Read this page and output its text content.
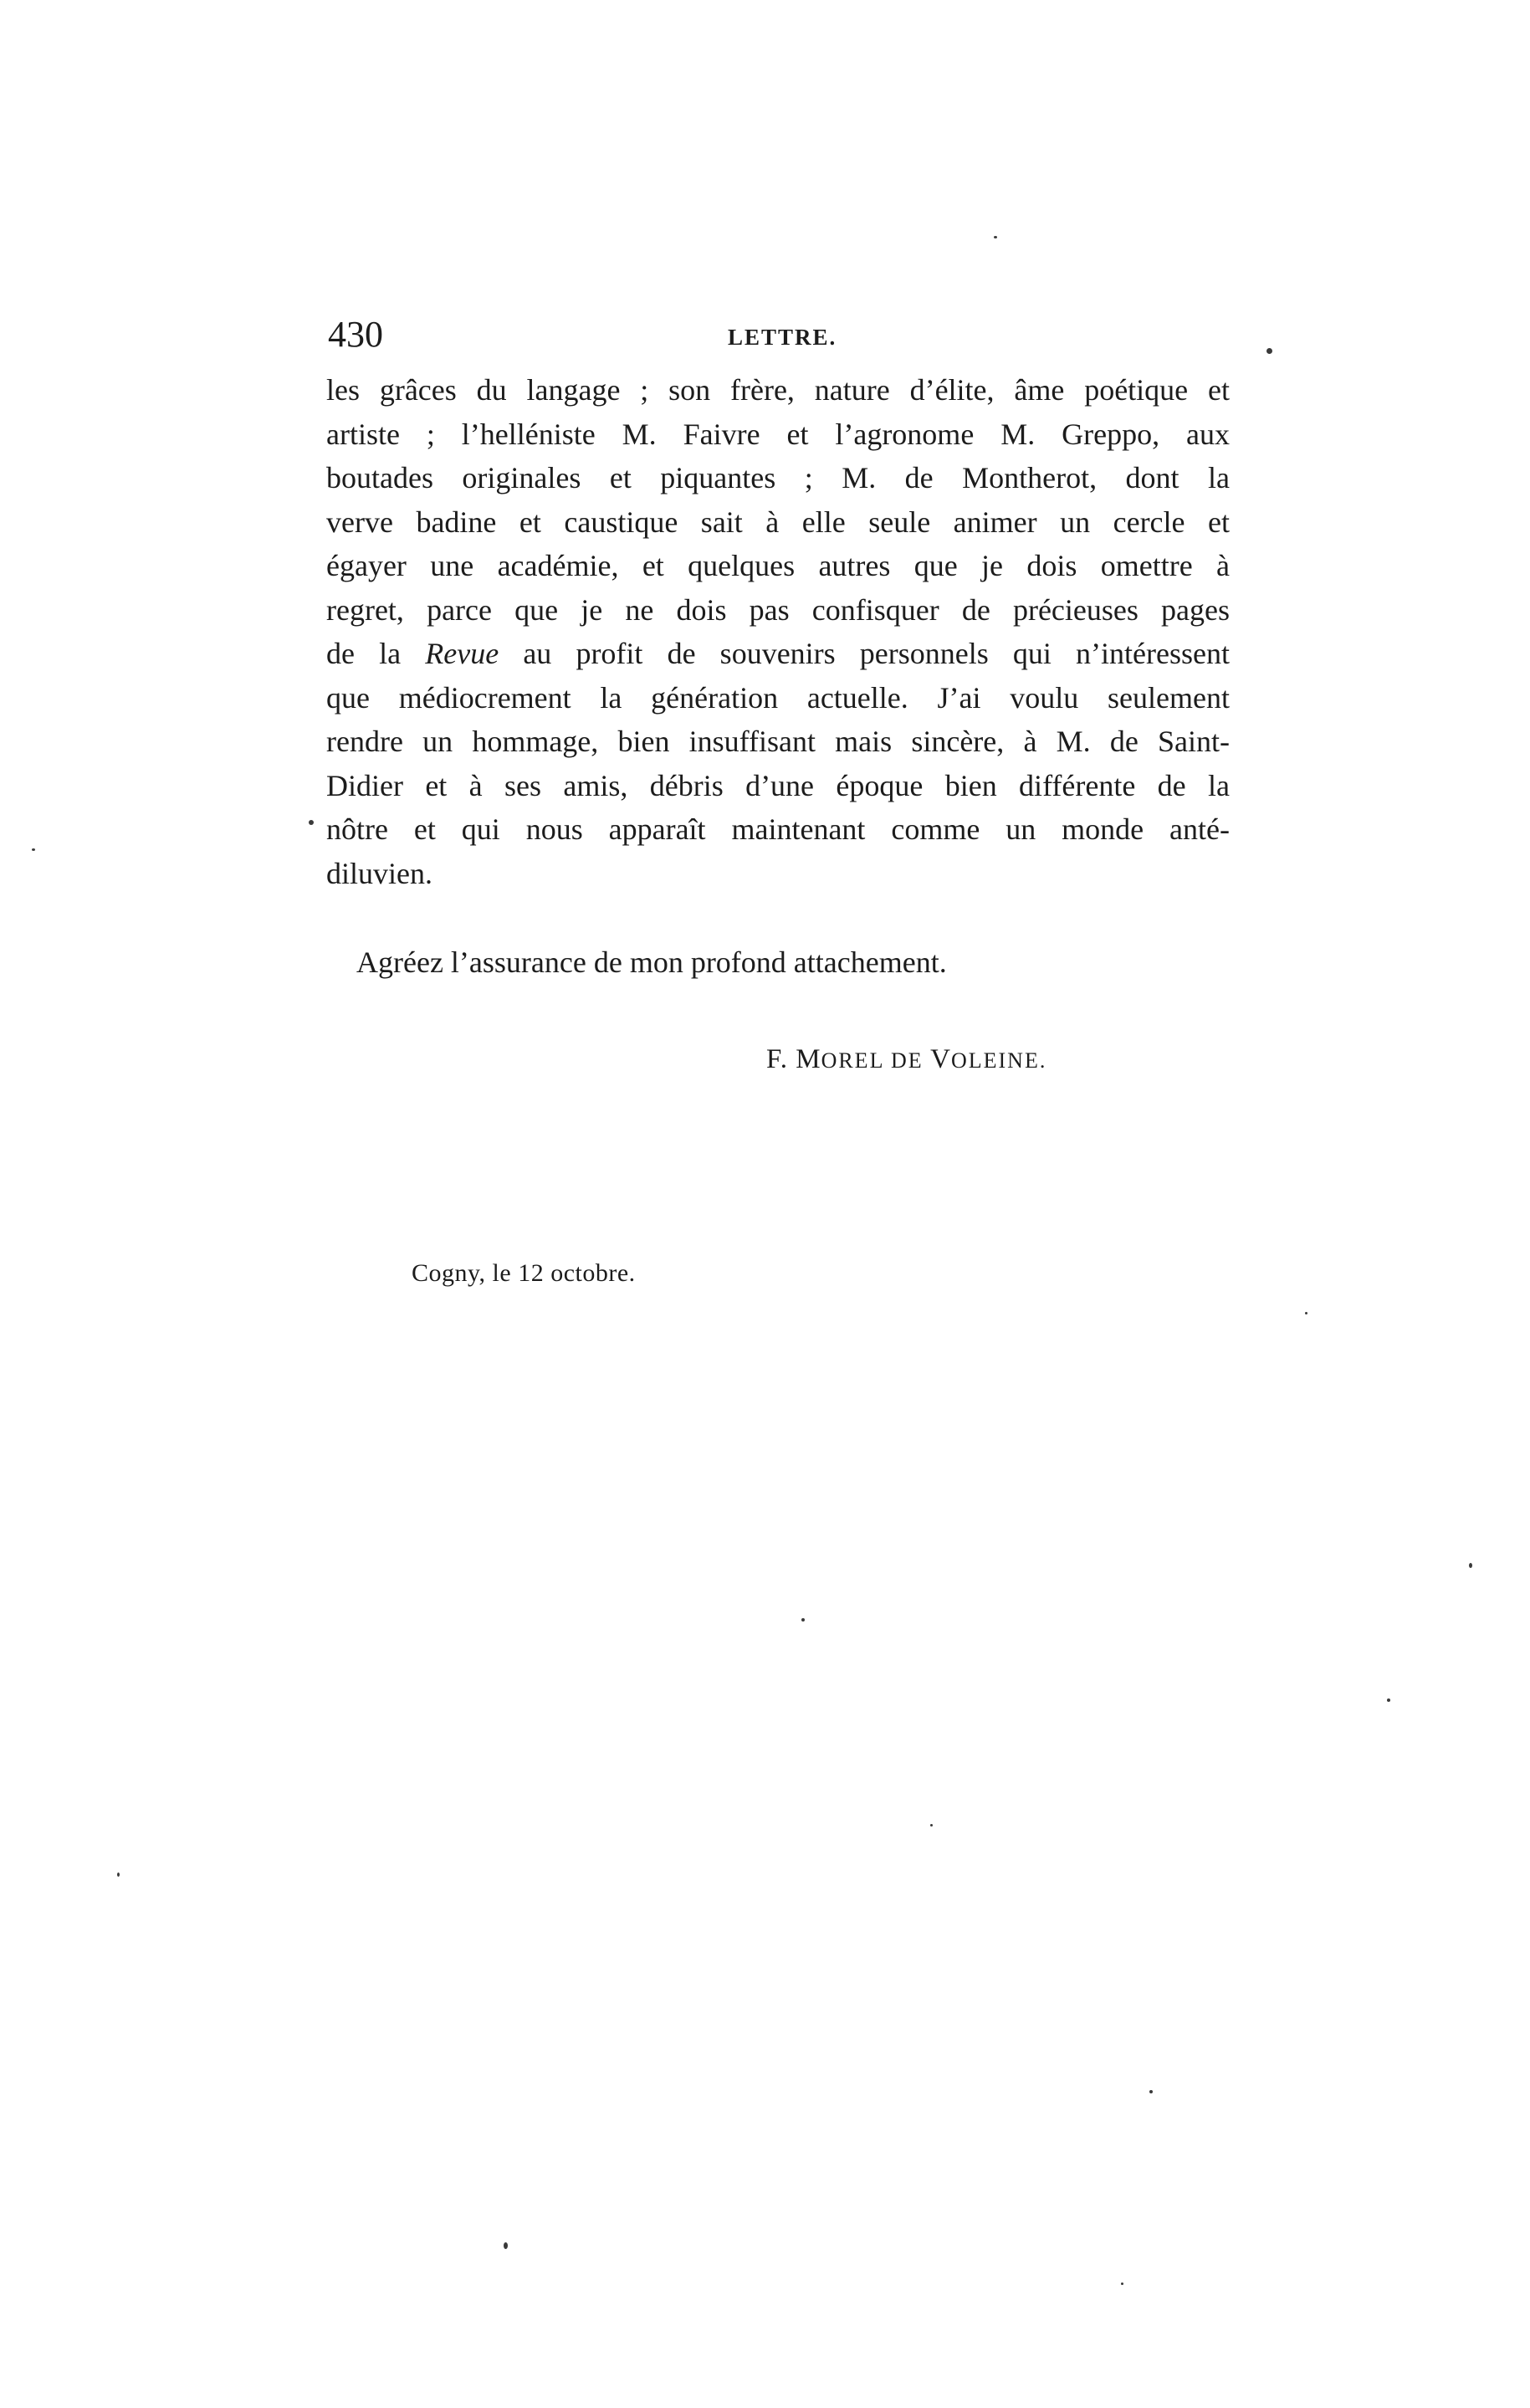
430	LETTRE.
les grâces du langage ; son frère, nature d’élite, âme poétique et
artiste ; l’helléniste M. Faivre et l’agronome M. Greppo, aux
boutades originales et piquantes ; M. de Montherot, dont la
verve badine et caustique sait à elle seule animer un cercle et
égayer une académie, et quelques autres que je dois omettre à
regret, parce que je ne dois pas confisquer de précieuses pages
de la Revue au profit de souvenirs personnels qui n’intéressent
que médiocrement la génération actuelle. J’ai voulu seulement
rendre un hommage, bien insuffisant mais sincère, à M. de Saint-
Didier et à ses amis, débris d’une époque bien différente de la
nôtre et qui nous apparaît maintenant comme un monde anté-
diluvien.
Agréez l’assurance de mon profond attachement.
F. MOREL DE VOLEINE.
Cogny, le 12 octobre.
